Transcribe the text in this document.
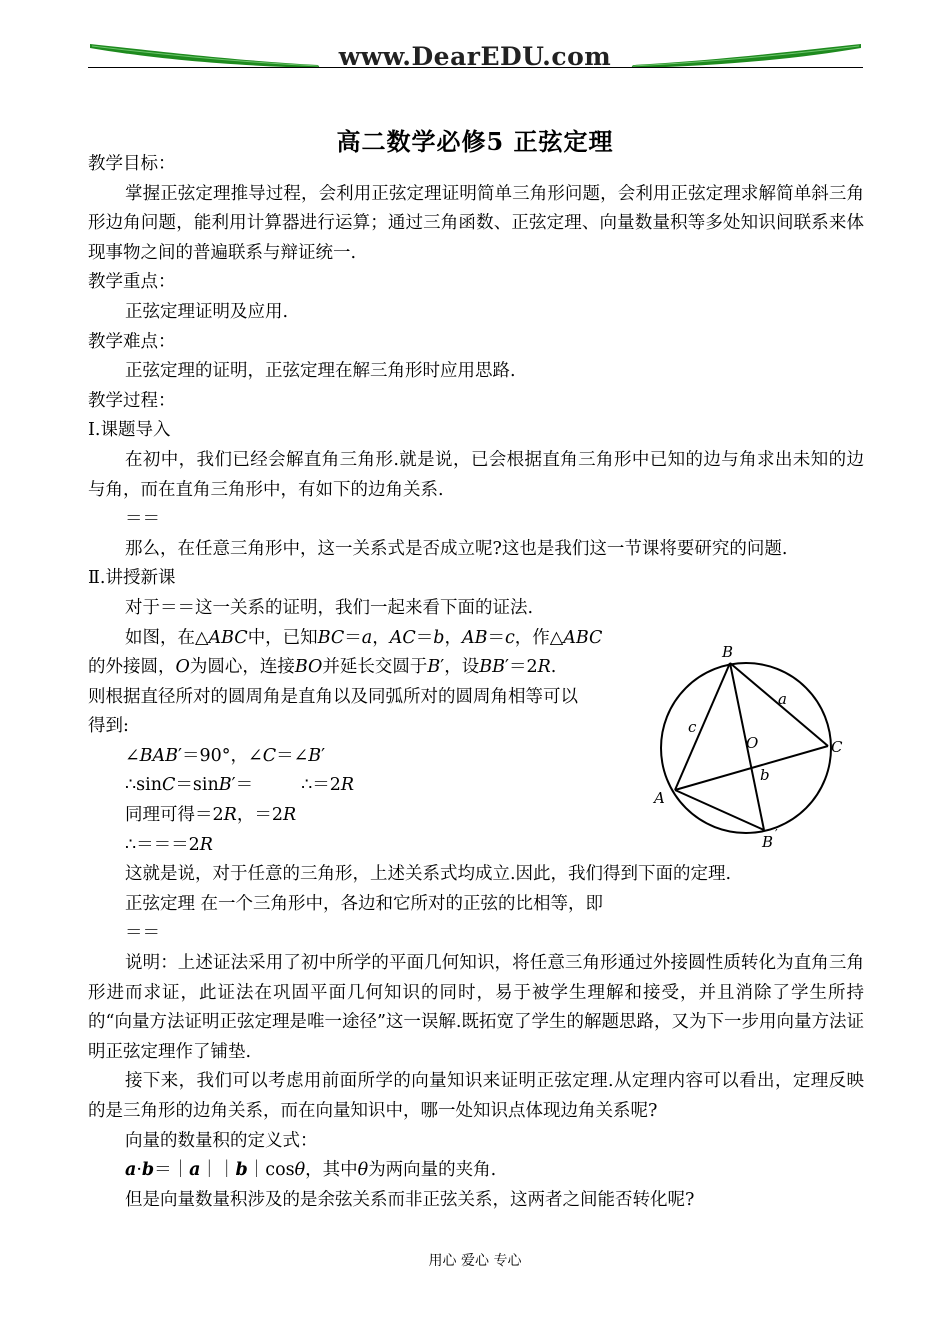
www.DearEDU.com
高二数学必修5 正弦定理
教学目标：
掌握正弦定理推导过程，会利用正弦定理证明简单三角形问题，会利用正弦定理求解简单斜三角形边角问题，能利用计算器进行运算；通过三角函数、正弦定理、向量数量积等多处知识间联系来体现事物之间的普遍联系与辩证统一.
教学重点：
正弦定理证明及应用.
教学难点：
正弦定理的证明，正弦定理在解三角形时应用思路.
教学过程：
Ⅰ.课题导入
在初中，我们已经会解直角三角形.就是说，已会根据直角三角形中已知的边与角求出未知的边与角，而在直角三角形中，有如下的边角关系.
＝＝
那么，在任意三角形中，这一关系式是否成立呢?这也是我们这一节课将要研究的问题.
Ⅱ.讲授新课
对于＝＝这一关系的证明，我们一起来看下面的证法.
如图，在△ABC中，已知BC＝a，AC＝b，AB＝c，作△ABC
的外接圆，O为圆心，连接BO并延长交圆于B′，设BB′＝2R.
则根据直径所对的圆周角是直角以及同弧所对的圆周角相等可以
得到:
∠BAB′＝90°，∠C＝∠B′
∴sinC＝sinB′＝	∴＝2R
同理可得＝2R，＝2R
∴＝＝＝2R
这就是说，对于任意的三角形，上述关系式均成立.因此，我们得到下面的定理.
正弦定理 在一个三角形中，各边和它所对的正弦的比相等，即
＝＝
说明：上述证法采用了初中所学的平面几何知识，将任意三角形通过外接圆性质转化为直角三角形进而求证，此证法在巩固平面几何知识的同时，易于被学生理解和接受，并且消除了学生所持的“向量方法证明正弦定理是唯一途径”这一误解.既拓宽了学生的解题思路，又为下一步用向量方法证明正弦定理作了铺垫.
接下来，我们可以考虑用前面所学的向量知识来证明正弦定理.从定理内容可以看出，定理反映的是三角形的边角关系，而在向量知识中，哪一处知识点体现边角关系呢?
向量的数量积的定义式：
a·b＝｜a｜｜b｜cosθ，其中θ为两向量的夹角.
但是向量数量积涉及的是余弦关系而非正弦关系，这两者之间能否转化呢?
B
a
c
O	C
b
A
B ′
用心 爱心 专心
